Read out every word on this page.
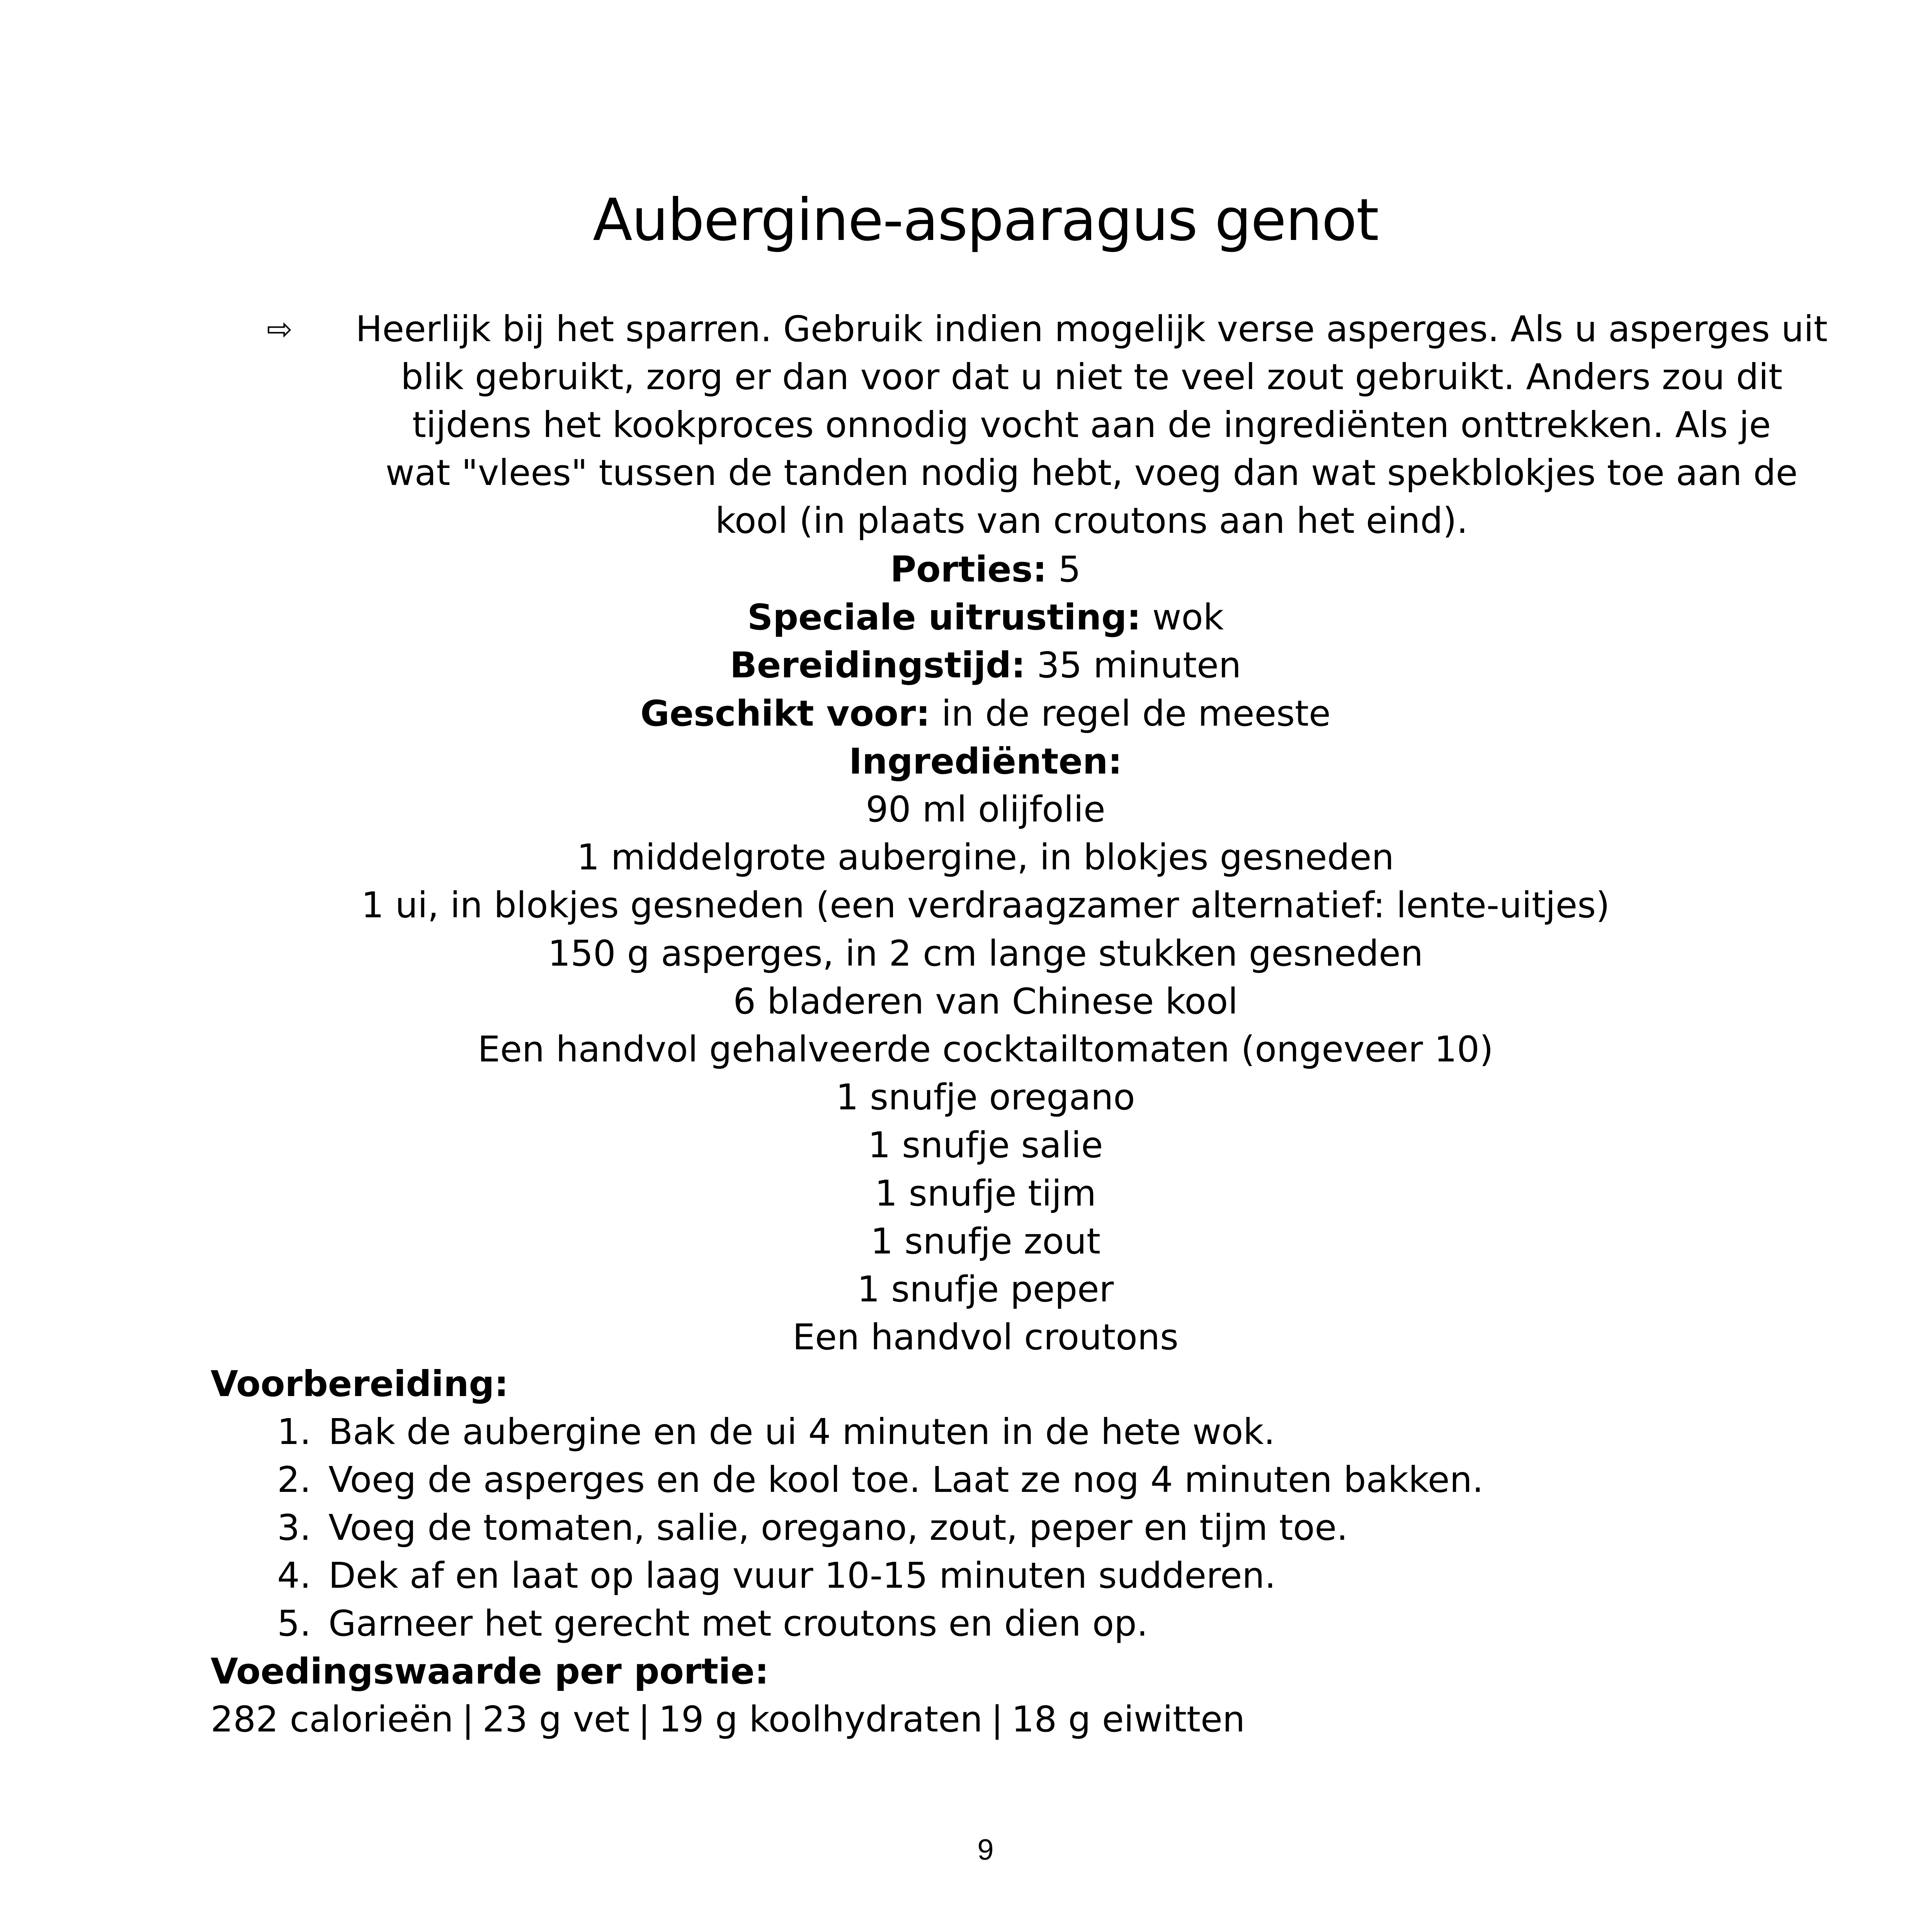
Aubergine-asparagus genot
⇨	Heerlijk bij het sparren. Gebruik indien mogelijk verse asperges. Als u asperges uit
blik gebruikt, zorg er dan voor dat u niet te veel zout gebruikt. Anders zou dit
tijdens het kookproces onnodig vocht aan de ingrediënten onttrekken. Als je
wat "vlees" tussen de tanden nodig hebt, voeg dan wat spekblokjes toe aan de
kool (in plaats van croutons aan het eind).
Porties: 5
Speciale uitrusting: wok
Bereidingstijd: 35 minuten
Geschikt voor: in de regel de meeste
Ingrediënten:
90 ml olijfolie
1 middelgrote aubergine, in blokjes gesneden
1 ui, in blokjes gesneden (een verdraagzamer alternatief: lente-uitjes)
150 g asperges, in 2 cm lange stukken gesneden
6 bladeren van Chinese kool
Een handvol gehalveerde cocktailtomaten (ongeveer 10)
1 snufje oregano
1 snufje salie
1 snufje tijm
1 snufje zout
1 snufje peper
Een handvol croutons
Voorbereiding:
1. Bak de aubergine en de ui 4 minuten in de hete wok.
2. Voeg de asperges en de kool toe. Laat ze nog 4 minuten bakken.
3. Voeg de tomaten, salie, oregano, zout, peper en tijm toe.
4. Dek af en laat op laag vuur 10-15 minuten sudderen.
5. Garneer het gerecht met croutons en dien op.
Voedingswaarde per portie:
282 calorieën | 23 g vet | 19 g koolhydraten | 18 g eiwitten
9
